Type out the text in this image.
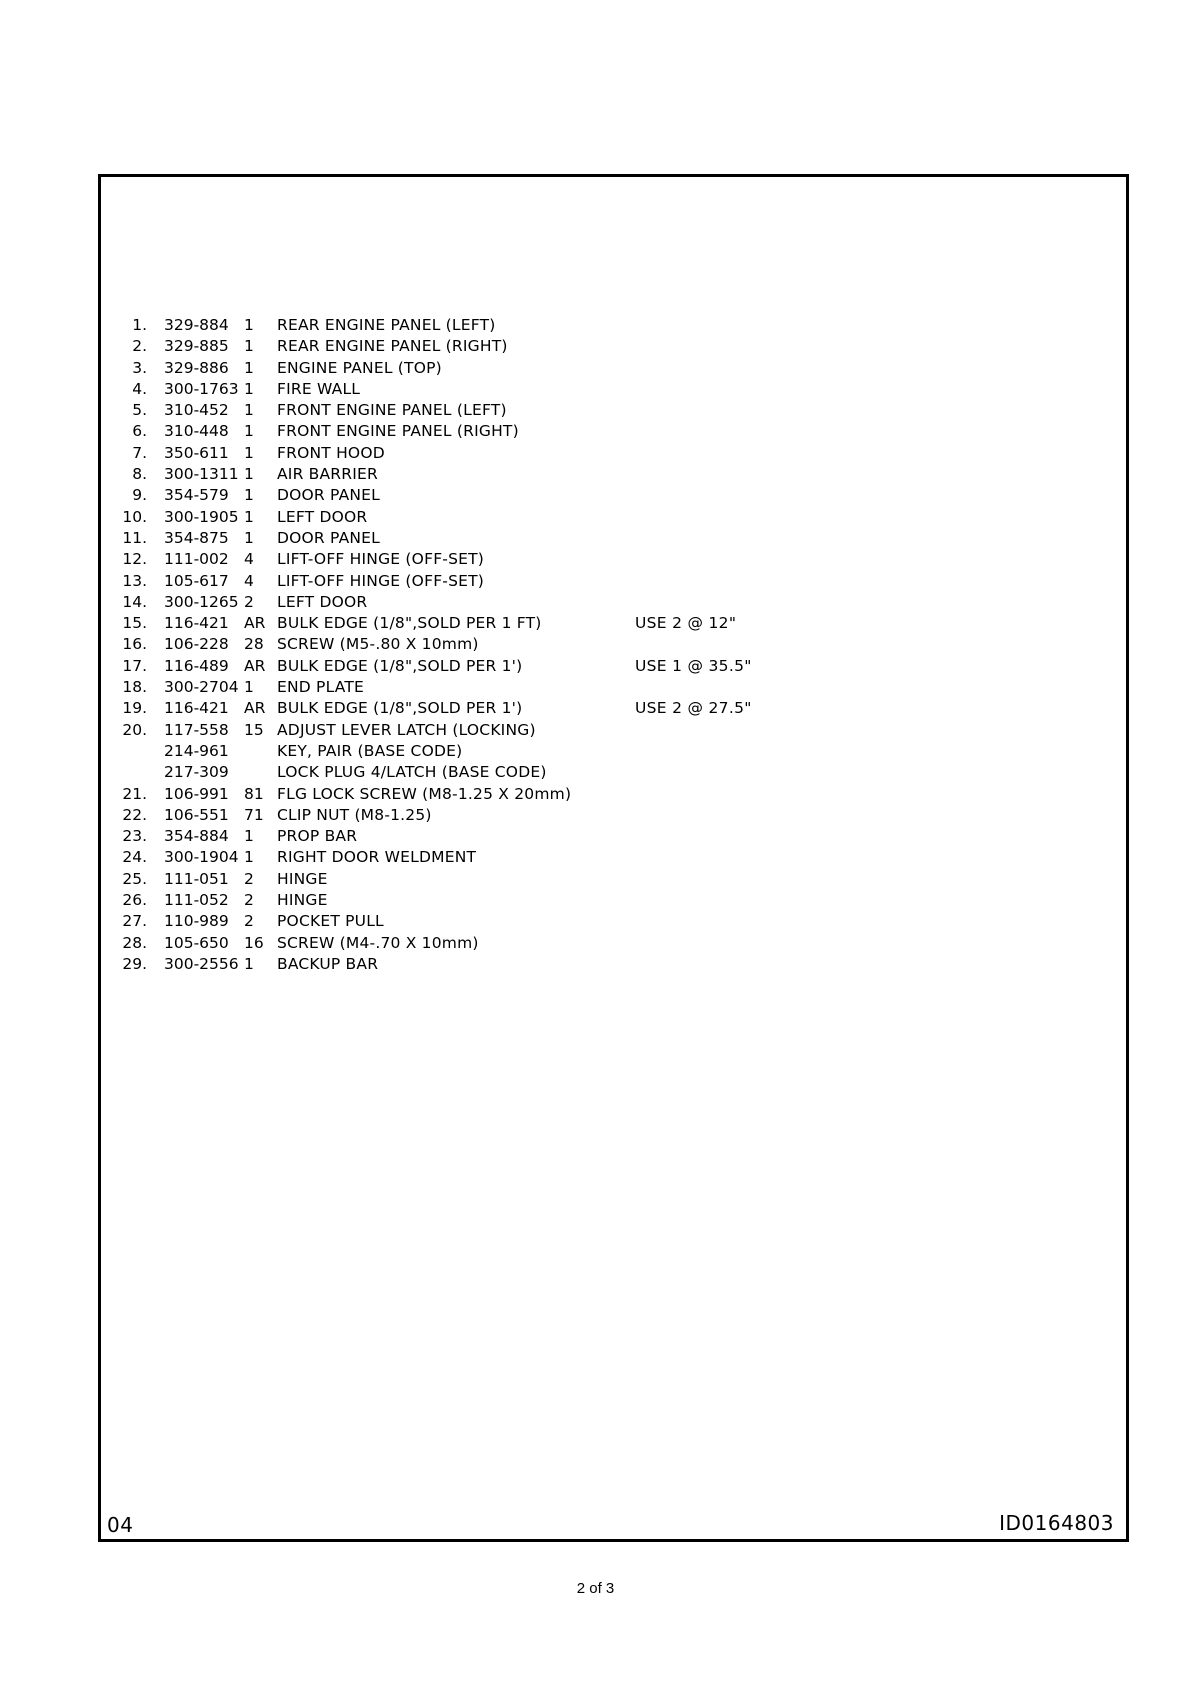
1. 329-884 1 REAR ENGINE PANEL (LEFT)
2. 329-885 1 REAR ENGINE PANEL (RIGHT)
3. 329-886 1 ENGINE PANEL (TOP)
4. 300-1763 1 FIRE WALL
5. 310-452 1 FRONT ENGINE PANEL (LEFT)
6. 310-448 1 FRONT ENGINE PANEL (RIGHT)
7. 350-611 1 FRONT HOOD
8. 300-1311 1 AIR BARRIER
9. 354-579 1 DOOR PANEL
10. 300-1905 1 LEFT DOOR
11. 354-875 1 DOOR PANEL
12. 111-002 4 LIFT-OFF HINGE (OFF-SET)
13. 105-617 4 LIFT-OFF HINGE (OFF-SET)
14. 300-1265 2 LEFT DOOR
15. 116-421 AR BULK EDGE (1/8",SOLD PER 1 FT)	USE 2 @ 12"
16. 106-228 28 SCREW (M5-.80 X 10mm)
17. 116-489 AR BULK EDGE (1/8",SOLD PER 1')	USE 1 @ 35.5"
18. 300-2704 1 END PLATE
19. 116-421 AR BULK EDGE (1/8",SOLD PER 1')	USE 2 @ 27.5"
20. 117-558 15 ADJUST LEVER LATCH (LOCKING)
214-961	KEY, PAIR (BASE CODE)
217-309	LOCK PLUG 4/LATCH (BASE CODE)
21. 106-991 81 FLG LOCK SCREW (M8-1.25 X 20mm)
22. 106-551 71 CLIP NUT (M8-1.25)
23. 354-884 1 PROP BAR
24. 300-1904 1 RIGHT DOOR WELDMENT
25. 111-051 2 HINGE
26. 111-052 2 HINGE
27. 110-989 2 POCKET PULL
28. 105-650 16 SCREW (M4-.70 X 10mm)
29. 300-2556 1 BACKUP BAR
04	ID0164803
2 of 3
